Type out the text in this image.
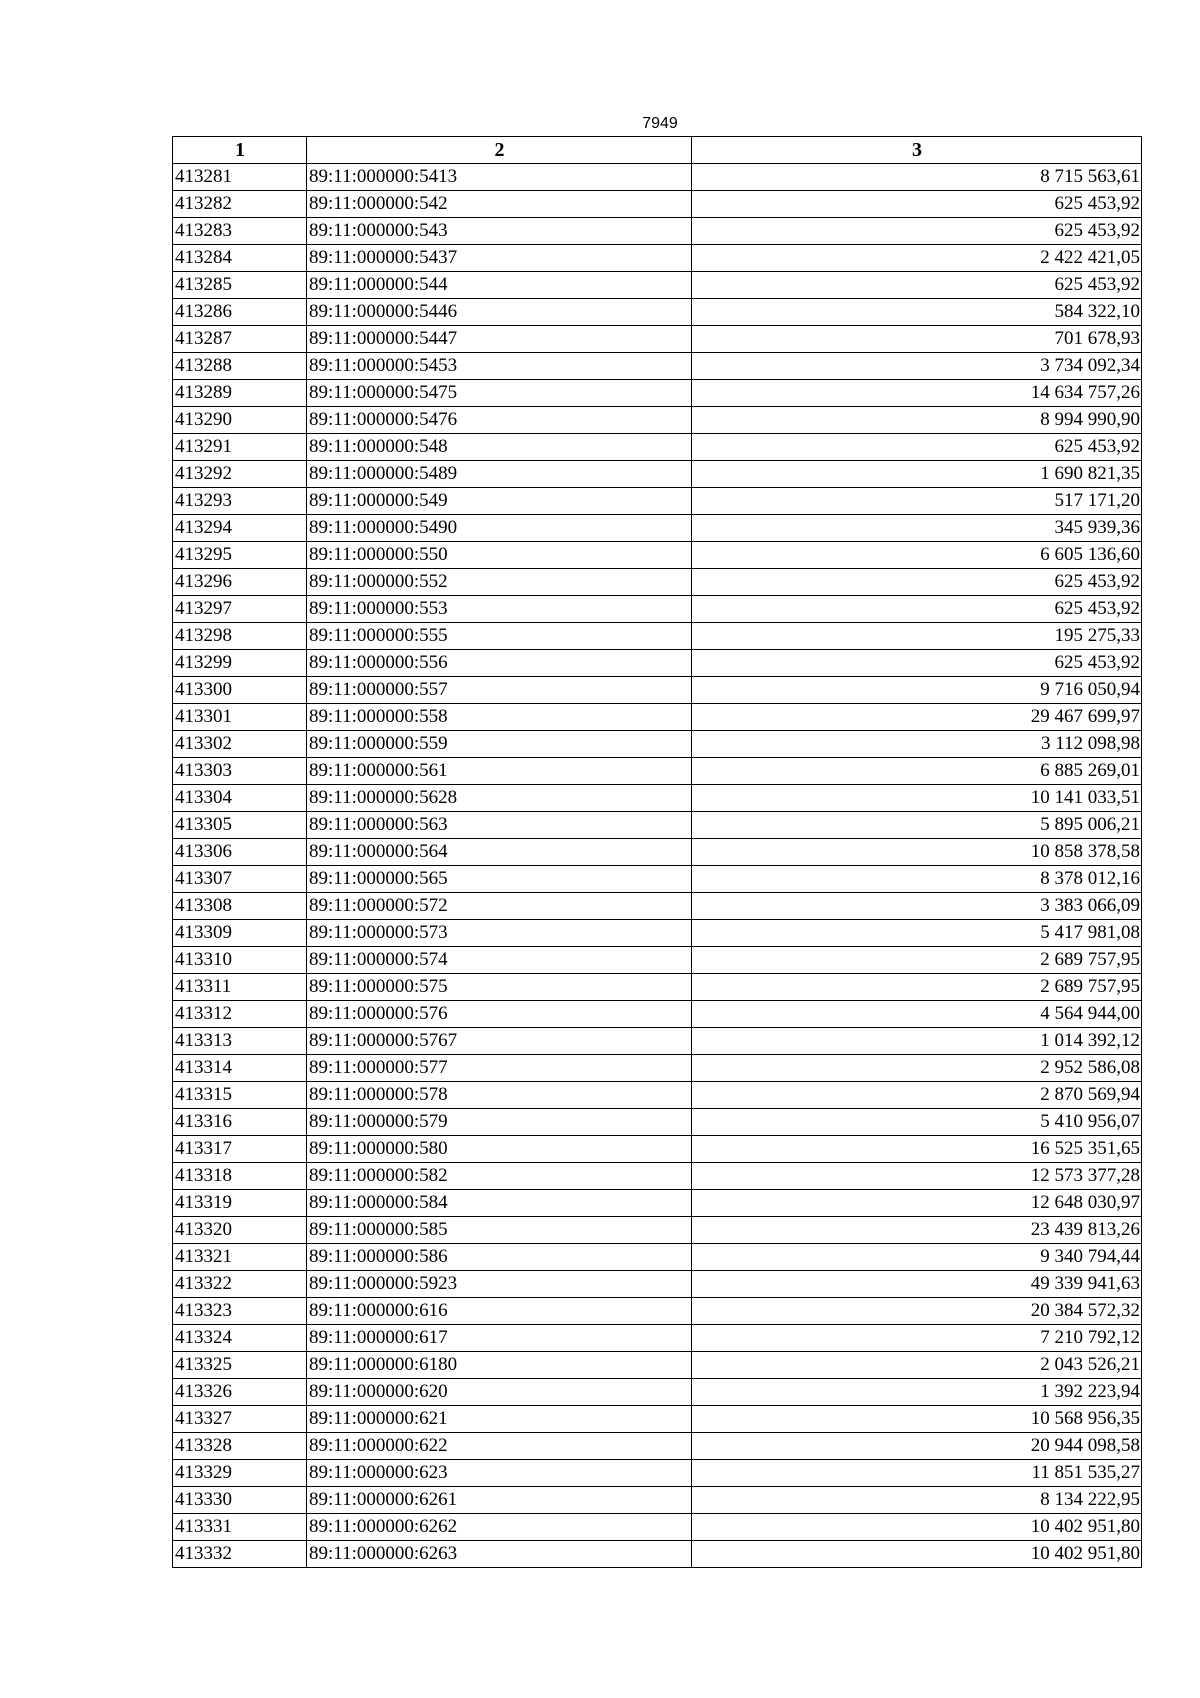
7949
1	2	3
413281	89:11:000000:5413	8 715 563,61
413282	89:11:000000:542	625 453,92
413283	89:11:000000:543	625 453,92
413284	89:11:000000:5437	2 422 421,05
413285	89:11:000000:544	625 453,92
413286	89:11:000000:5446	584 322,10
413287	89:11:000000:5447	701 678,93
413288	89:11:000000:5453	3 734 092,34
413289	89:11:000000:5475	14 634 757,26
413290	89:11:000000:5476	8 994 990,90
413291	89:11:000000:548	625 453,92
413292	89:11:000000:5489	1 690 821,35
413293	89:11:000000:549	517 171,20
413294	89:11:000000:5490	345 939,36
413295	89:11:000000:550	6 605 136,60
413296	89:11:000000:552	625 453,92
413297	89:11:000000:553	625 453,92
413298	89:11:000000:555	195 275,33
413299	89:11:000000:556	625 453,92
413300	89:11:000000:557	9 716 050,94
413301	89:11:000000:558	29 467 699,97
413302	89:11:000000:559	3 112 098,98
413303	89:11:000000:561	6 885 269,01
413304	89:11:000000:5628	10 141 033,51
413305	89:11:000000:563	5 895 006,21
413306	89:11:000000:564	10 858 378,58
413307	89:11:000000:565	8 378 012,16
413308	89:11:000000:572	3 383 066,09
413309	89:11:000000:573	5 417 981,08
413310	89:11:000000:574	2 689 757,95
413311	89:11:000000:575	2 689 757,95
413312	89:11:000000:576	4 564 944,00
413313	89:11:000000:5767	1 014 392,12
413314	89:11:000000:577	2 952 586,08
413315	89:11:000000:578	2 870 569,94
413316	89:11:000000:579	5 410 956,07
413317	89:11:000000:580	16 525 351,65
413318	89:11:000000:582	12 573 377,28
413319	89:11:000000:584	12 648 030,97
413320	89:11:000000:585	23 439 813,26
413321	89:11:000000:586	9 340 794,44
413322	89:11:000000:5923	49 339 941,63
413323	89:11:000000:616	20 384 572,32
413324	89:11:000000:617	7 210 792,12
413325	89:11:000000:6180	2 043 526,21
413326	89:11:000000:620	1 392 223,94
413327	89:11:000000:621	10 568 956,35
413328	89:11:000000:622	20 944 098,58
413329	89:11:000000:623	11 851 535,27
413330	89:11:000000:6261	8 134 222,95
413331	89:11:000000:6262	10 402 951,80
413332	89:11:000000:6263	10 402 951,80
